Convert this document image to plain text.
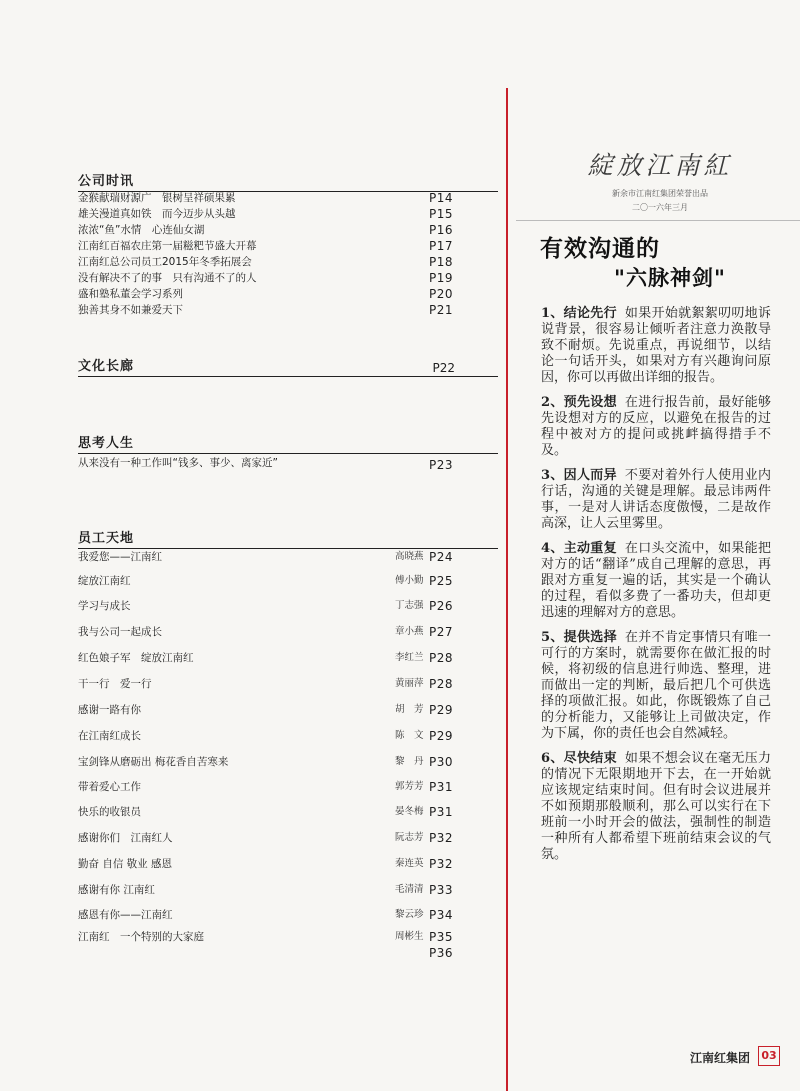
公司时讯
金猴献瑞财源广　银树呈祥硕果累	P14
雄关漫道真如铁　而今迈步从头越	P15
浓浓“鱼”水情　心连仙女湖	P16
江南红百福农庄第一届糍粑节盛大开幕	P17
江南红总公司员工2015年冬季拓展会	P18
没有解决不了的事　只有沟通不了的人	P19
盛和塾私董会学习系列	P20
独善其身不如兼爱天下	P21
文化长廊	P22
思考人生
从来没有一种工作叫“钱多、事少、离家近”	P23
员工天地
我爱您——江南红	高晓燕 P24
绽放江南红	傅小勤 P25
学习与成长	丁志强 P26
我与公司一起成长	章小燕 P27
红色娘子军　绽放江南红	李红兰 P28
干一行　爱一行	黄丽萍 P28
感谢一路有你	胡　芳 P29
在江南红成长	陈　文 P29
宝剑锋从磨砺出 梅花香自苦寒来	黎　丹 P30
带着爱心工作	郭芳芳 P31
快乐的收银员	晏冬梅 P31
感谢你们　江南红人	阮志芳 P32
勤奋 自信 敬业 感恩	秦连英 P32
感谢有你 江南红	毛清清 P33
感恩有你——江南红	黎云珍 P34
江南红　一个特别的大家庭	周彬生 P35
P36
綻放江南紅
新余市江南红集团荣誉出品
二〇一六年三月
有效沟通的
"六脉神剑"

1、结论先行 如果开始就絮絮叨叨地诉说背景，很容易让倾听者注意力涣散导致不耐烦。先说重点，再说细节，以结论一句话开头，如果对方有兴趣询问原因，你可以再做出详细的报告。

2、预先设想 在进行报告前，最好能够先设想对方的反应，以避免在报告的过程中被对方的提问或挑衅搞得措手不及。

3、因人而异 不要对着外行人使用业内行话，沟通的关键是理解。最忌讳两件事，一是对人讲话态度傲慢，二是故作高深，让人云里雾里。

4、主动重复 在口头交流中，如果能把对方的话“翻译”成自己理解的意思，再跟对方重复一遍的话，其实是一个确认的过程，看似多费了一番功夫，但却更迅速的理解对方的意思。

5、提供选择 在并不肯定事情只有唯一可行的方案时，就需要你在做汇报的时候，将初级的信息进行帅选、整理，进而做出一定的判断，最后把几个可供选择的项做汇报。如此，你既锻炼了自己的分析能力，又能够让上司做决定，作为下属，你的责任也会自然减轻。

6、尽快结束 如果不想会议在毫无压力的情况下无限期地开下去，在一开始就应该规定结束时间。但有时会议进展并不如预期那般顺利，那么可以实行在下班前一小时开会的做法，强制性的制造一种所有人都希望下班前结束会议的气氛。

江南红集团	03
